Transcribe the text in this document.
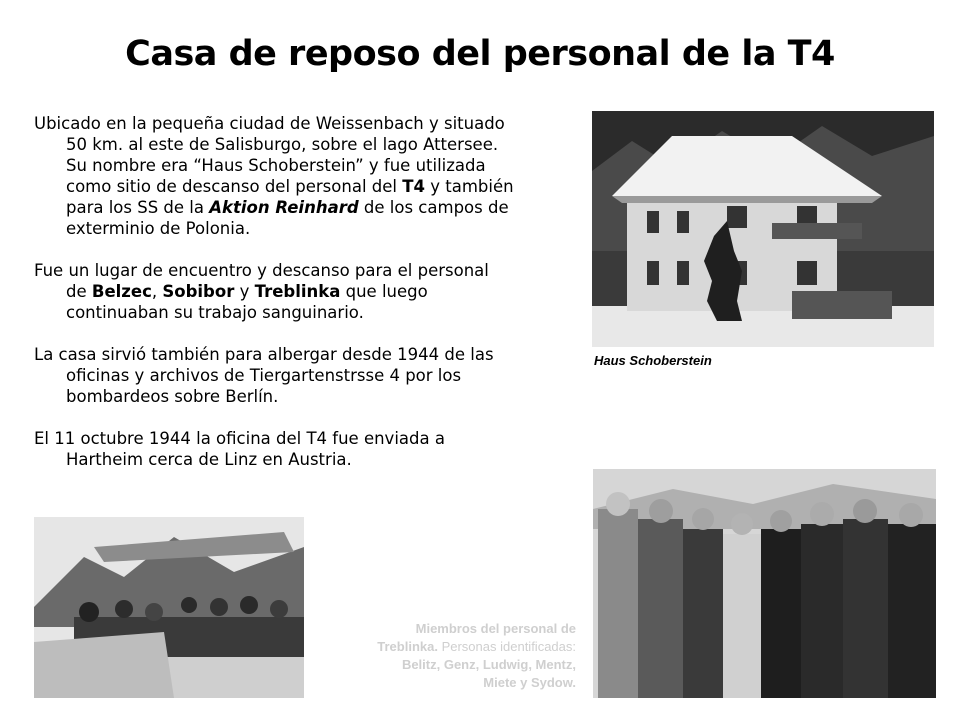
Casa de reposo del personal de la T4

Ubicado en la pequeña ciudad de Weissenbach y situado 50 km. al este de Salisburgo, sobre el lago Attersee. Su nombre era “Haus Schoberstein” y fue utilizada como sitio de descanso del personal del T4 y también para los SS de la Aktion Reinhard de los campos de exterminio de Polonia.

Fue un lugar de encuentro y descanso para el personal de Belzec, Sobibor y Treblinka que luego continuaban su trabajo sanguinario.

La casa sirvió también para albergar desde 1944 de las oficinas y archivos de Tiergartenstrsse 4 por los bombardeos sobre Berlín.

El 11 octubre 1944 la oficina del T4 fue enviada a Hartheim cerca de Linz en Austria.

Haus Schoberstein
Miembros del personal de
Treblinka. Personas identificadas:
Belitz, Genz, Ludwig, Mentz,
Miete y Sydow.
